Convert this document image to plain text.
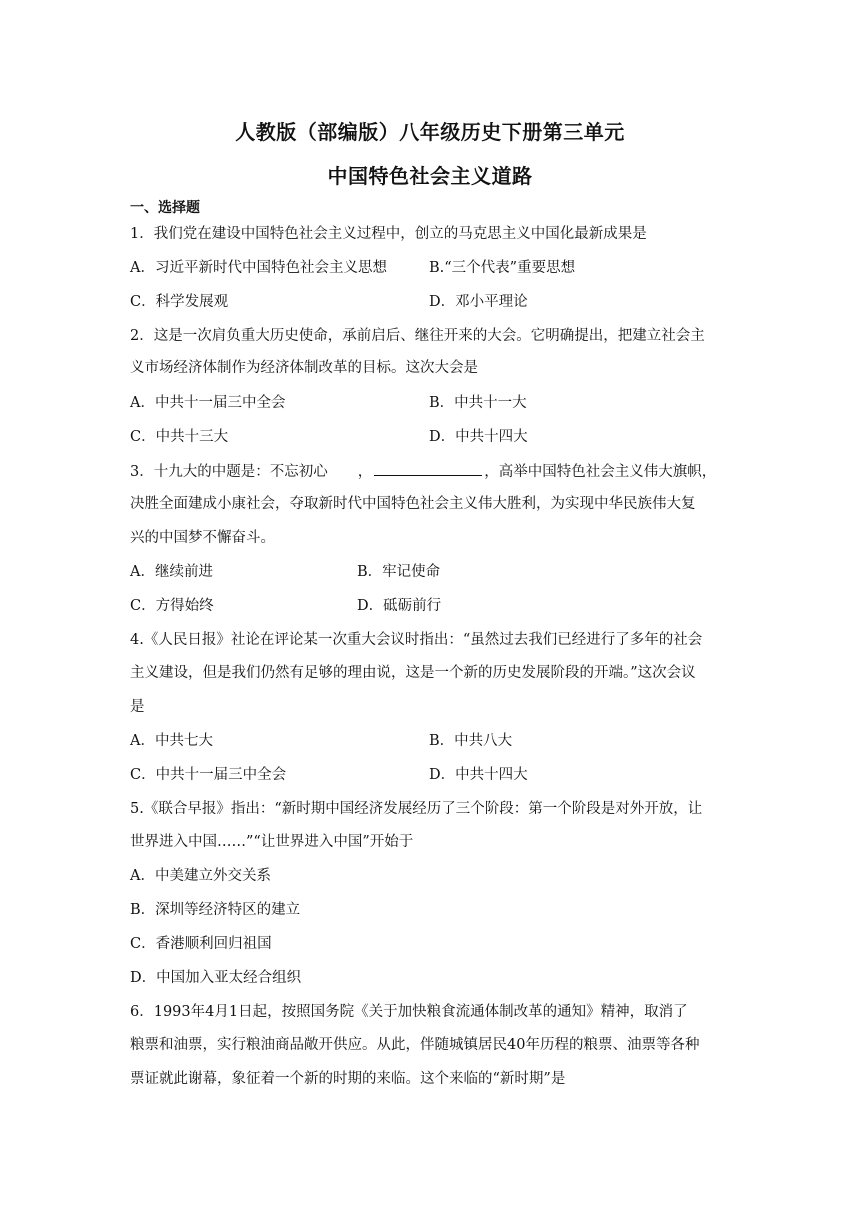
人教版（部编版）八年级历史下册第三单元
中国特色社会主义道路
一、选择题
1．我们党在建设中国特色社会主义过程中，创立的马克思主义中国化最新成果是
A．习近平新时代中国特色社会主义思想	B.“三个代表”重要思想
C．科学发展观	D．邓小平理论
2．这是一次肩负重大历史使命，承前启后、继往开来的大会。它明确提出，把建立社会主
义市场经济体制作为经济体制改革的目标。这次大会是
A．中共十一届三中全会	B．中共十一大
C．中共十三大	D．中共十四大
3．十九大的中题是：不忘初心 ，	，高举中国特色社会主义伟大旗帜，
决胜全面建成小康社会，夺取新时代中国特色社会主义伟大胜利，为实现中华民族伟大复
兴的中国梦不懈奋斗。
A．继续前进	B．牢记使命
C．方得始终	D．砥砺前行
4.《人民日报》社论在评论某一次重大会议时指出：“虽然过去我们已经进行了多年的社会
主义建设，但是我们仍然有足够的理由说，这是一个新的历史发展阶段的开端。”这次会议
是
A．中共七大	B．中共八大
C．中共十一届三中全会	D．中共十四大
5.《联合早报》指出：“新时期中国经济发展经历了三个阶段：第一个阶段是对外开放，让
世界进入中国……”“让世界进入中国”开始于
A．中美建立外交关系
B．深圳等经济特区的建立
C．香港顺利回归祖国
D．中国加入亚太经合组织
6．1993年4月1日起，按照国务院《关于加快粮食流通体制改革的通知》精神，取消了
粮票和油票，实行粮油商品敞开供应。从此，伴随城镇居民40年历程的粮票、油票等各种
票证就此谢幕，象征着一个新的时期的来临。这个来临的“新时期”是
